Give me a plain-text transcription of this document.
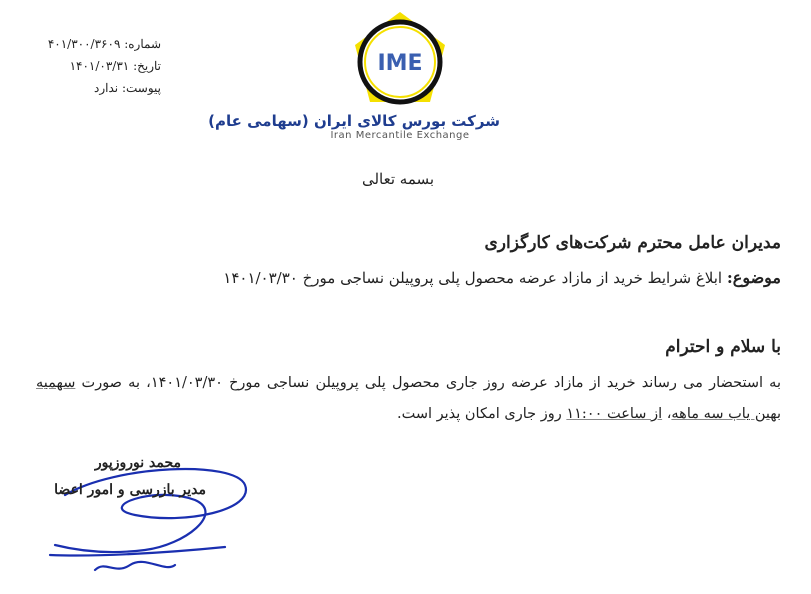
شماره: ۴۰۱/۳۰۰/۳۶۰۹
تاریخ: ۱۴۰۱/۰۳/۳۱
پیوست: ندارد
IME
شرکت بورس کالای ایران (سهامی عام)
Iran Mercantile Exchange
بسمه تعالی
مدیران عامل محترم شرکت‌های کارگزاری
موضوع: ابلاغ شرایط خرید از مازاد عرضه محصول پلی پروپیلن نساجی مورخ ۱۴۰۱/۰۳/۳۰
با سلام و احترام
به استحضار می رساند خرید از مازاد عرضه روز جاری محصول پلی پروپیلن نساجی مورخ ۱۴۰۱/۰۳/۳۰، به صورت سهمیه بهین یاب سه ماهه، از ساعت ۱۱:۰۰ روز جاری امکان پذیر است.
محمد نوروزپور
مدیر بازرسی و امور اعضا
